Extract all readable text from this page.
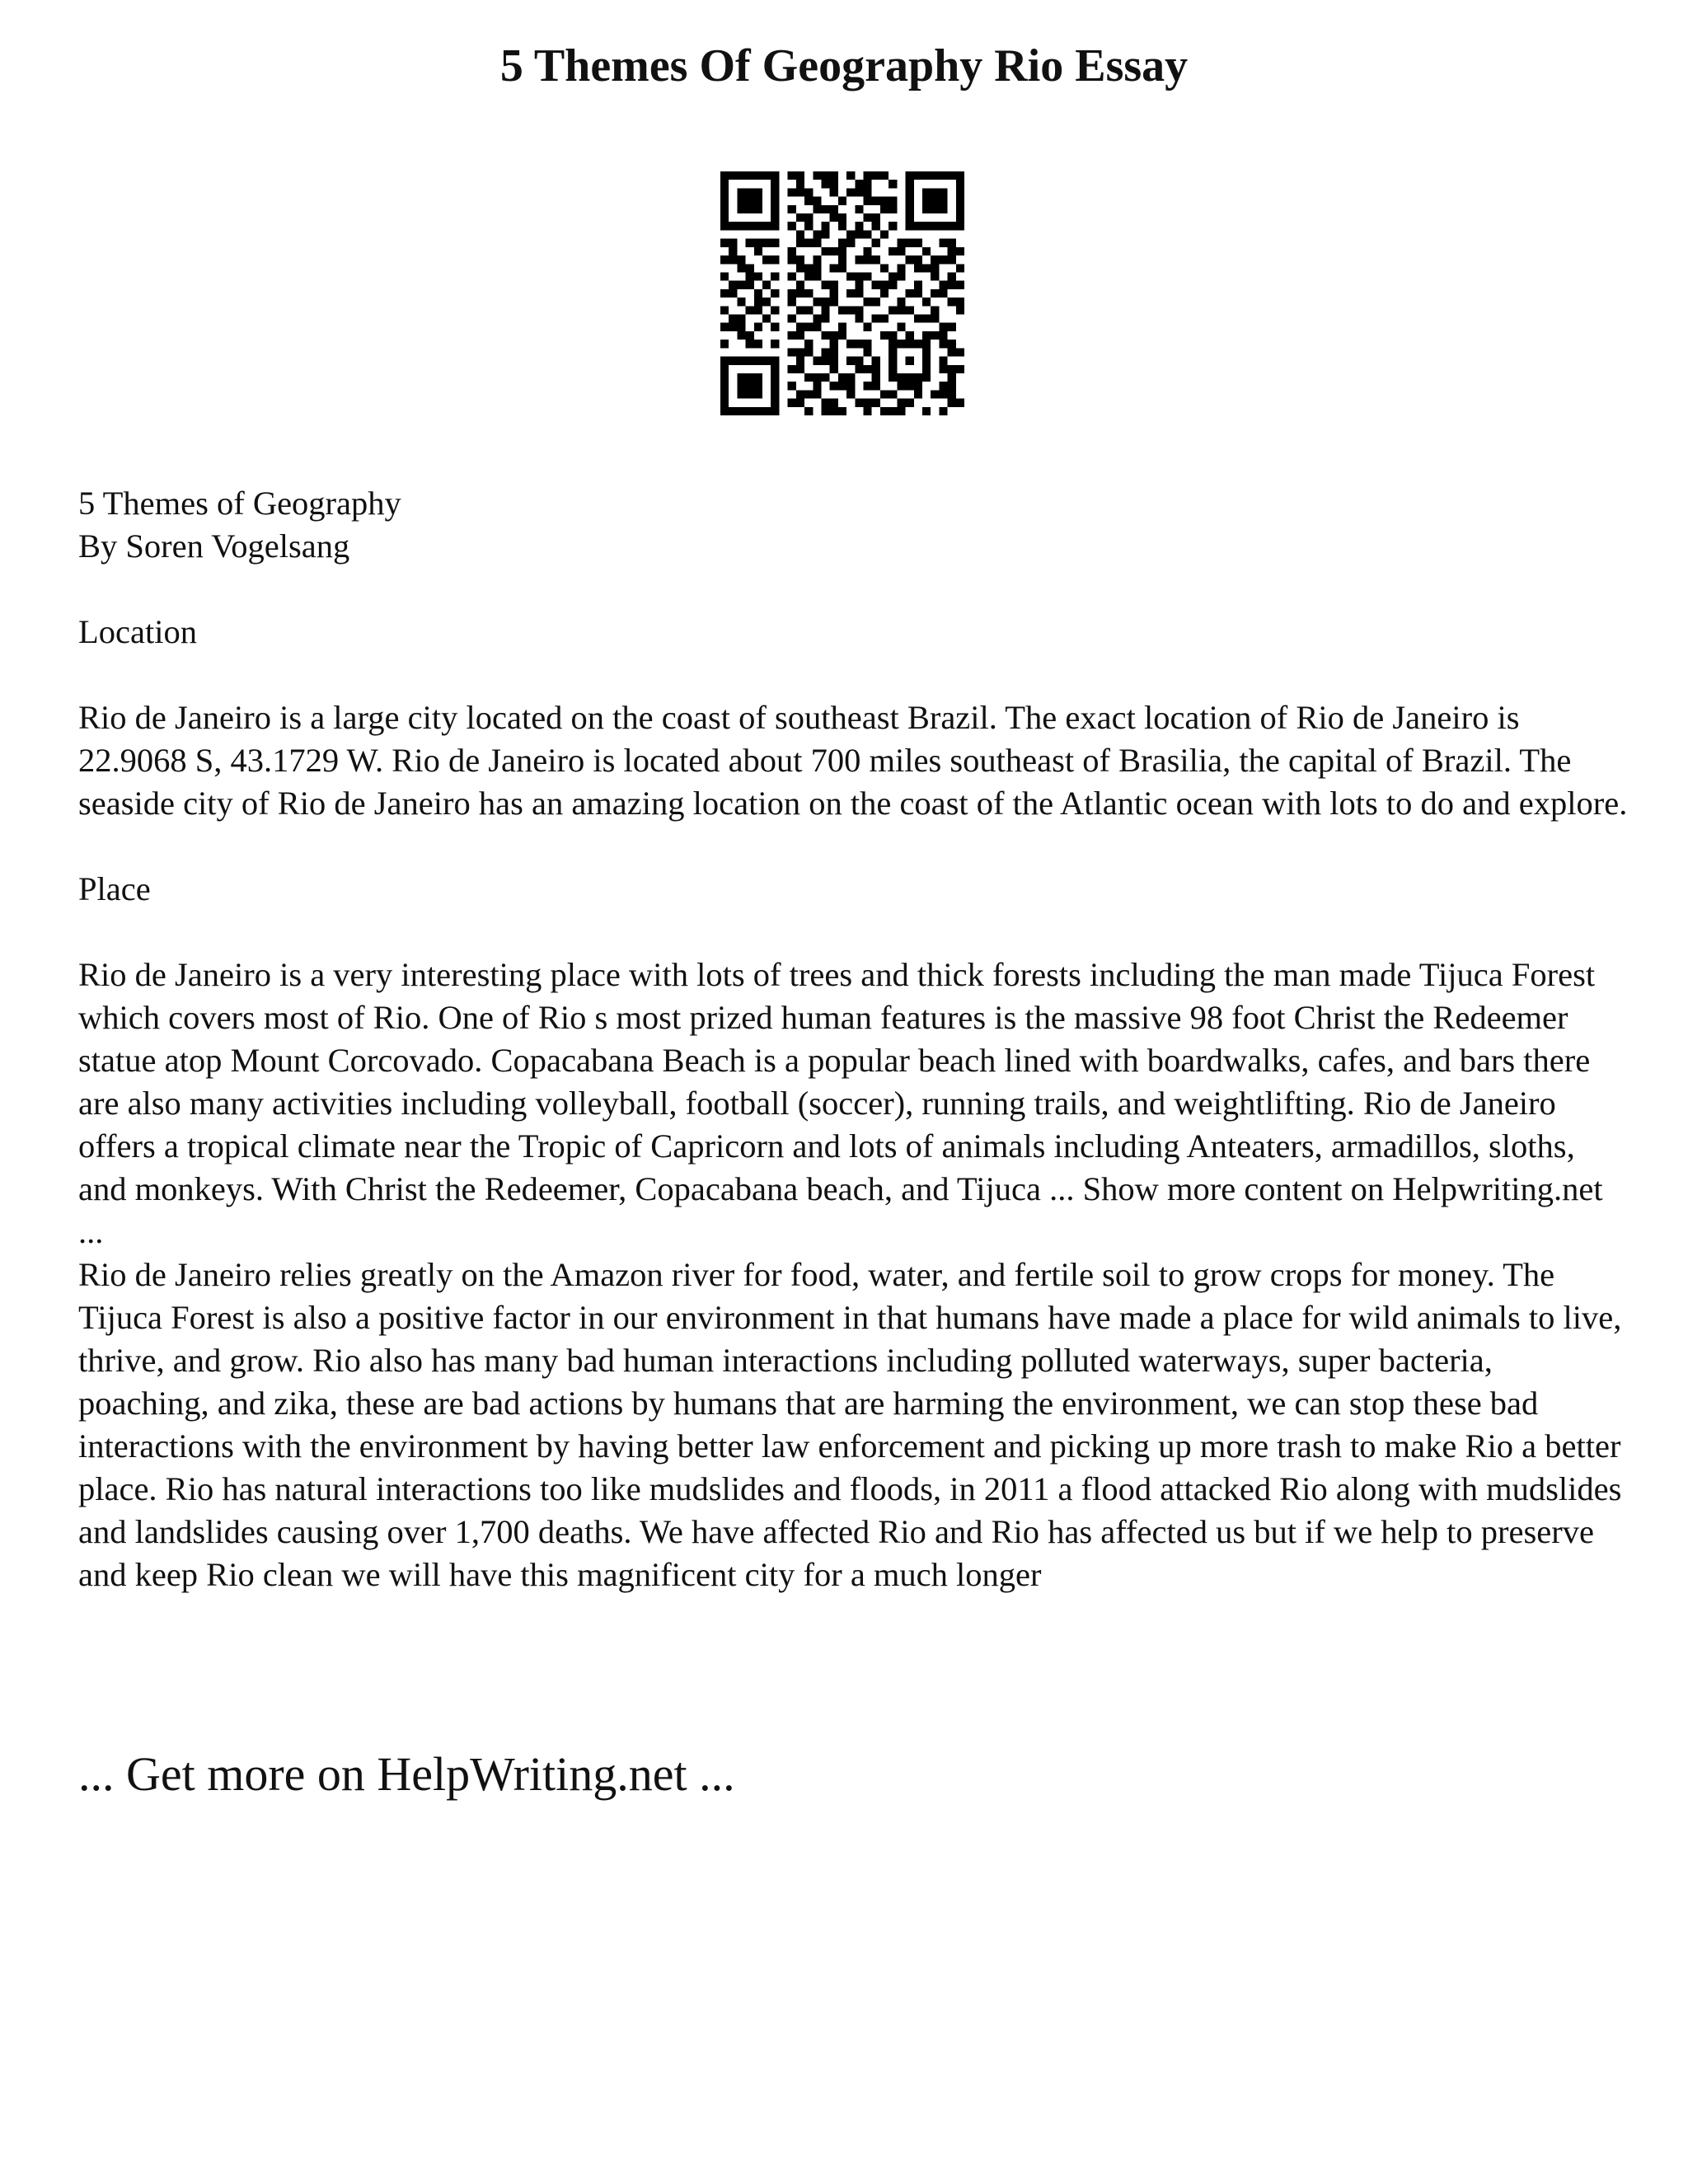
5 Themes Of Geography Rio Essay

5 Themes of Geography

By Soren Vogelsang

Location

Rio de Janeiro is a large city located on the coast of southeast Brazil. The exact location of Rio de Janeiro is 22.9068 S, 43.1729 W. Rio de Janeiro is located about 700 miles southeast of Brasilia, the capital of Brazil. The seaside city of Rio de Janeiro has an amazing location on the coast of the Atlantic ocean with lots to do and explore.

Place

Rio de Janeiro is a very interesting place with lots of trees and thick forests including the man made Tijuca Forest which covers most of Rio. One of Rio s most prized human features is the massive 98 foot Christ the Redeemer statue atop Mount Corcovado. Copacabana Beach is a popular beach lined with boardwalks, cafes, and bars there are also many activities including volleyball, football (soccer), running trails, and weightlifting. Rio de Janeiro offers a tropical climate near the Tropic of Capricorn and lots of animals including Anteaters, armadillos, sloths, and monkeys. With Christ the Redeemer, Copacabana beach, and Tijuca ... Show more content on Helpwriting.net ...

Rio de Janeiro relies greatly on the Amazon river for food, water, and fertile soil to grow crops for money. The Tijuca Forest is also a positive factor in our environment in that humans have made a place for wild animals to live, thrive, and grow. Rio also has many bad human interactions including polluted waterways, super bacteria, poaching, and zika, these are bad actions by humans that are harming the environment, we can stop these bad interactions with the environment by having better law enforcement and picking up more trash to make Rio a better place. Rio has natural interactions too like mudslides and floods, in 2011 a flood attacked Rio along with mudslides and landslides causing over 1,700 deaths. We have affected Rio and Rio has affected us but if we help to preserve and keep Rio clean we will have this magnificent city for a much longer

... Get more on HelpWriting.net ...
